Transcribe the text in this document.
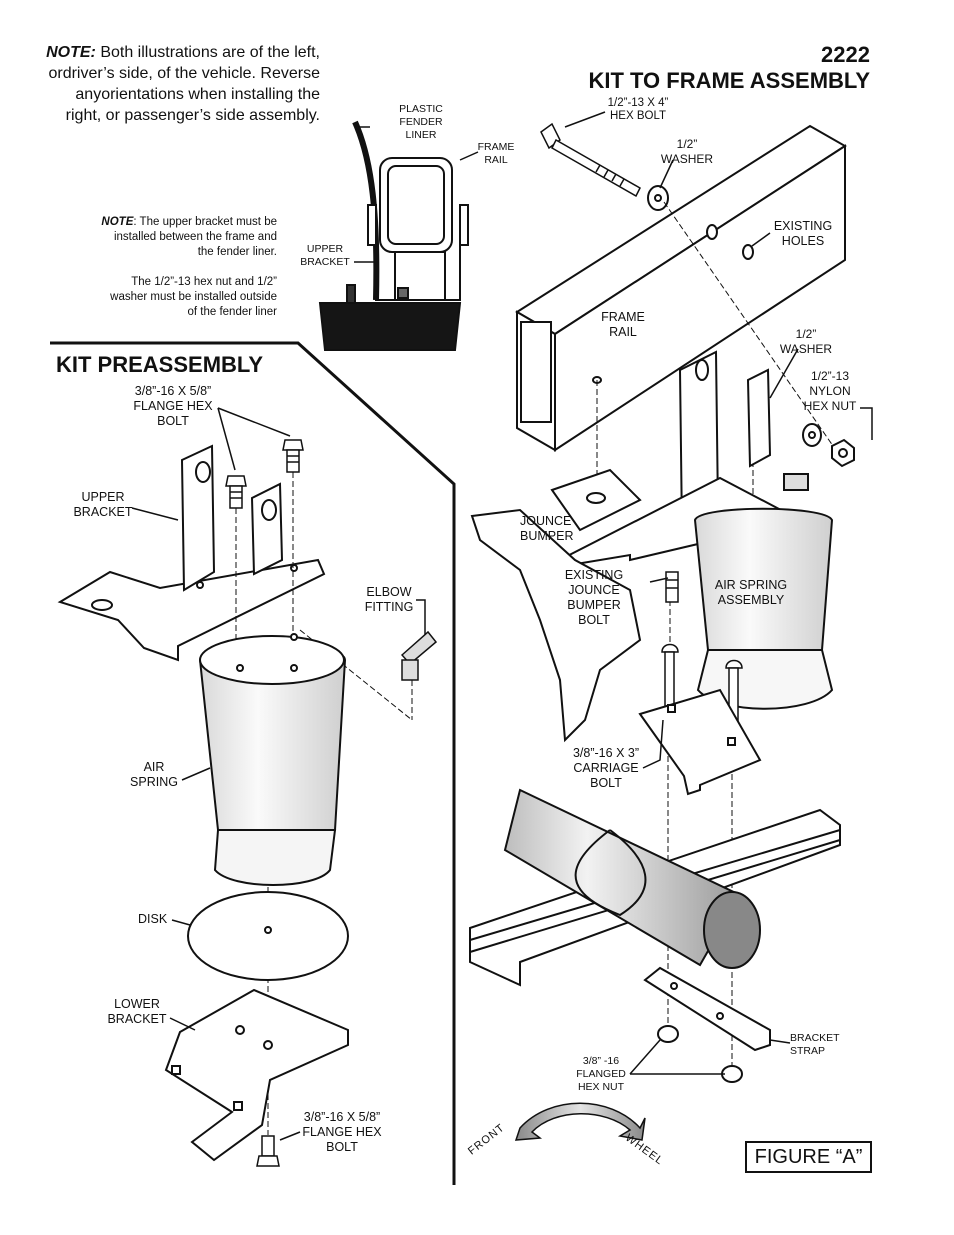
NOTE: Both illustrations are of the left, ordriver’s side, of the vehicle. Reverse anyorientations when installing the right, or passenger’s side assembly.
2222
KIT TO FRAME ASSEMBLY
NOTE: The upper bracket must be installed between the frame and the fender liner.
The 1/2”-13 hex nut and 1/2” washer must be installed outside of the fender liner
PLASTIC FENDER LINER
FRAME RAIL
UPPER BRACKET
KIT PREASSEMBLY
3/8”-16 X 5/8” FLANGE HEX BOLT
UPPER BRACKET
ELBOW FITTING
AIR SPRING
DISK
LOWER BRACKET
3/8”-16 X 5/8” FLANGE HEX BOLT
1/2”-13 X 4” HEX BOLT
1/2” WASHER
EXISTING HOLES
FRAME RAIL	1/2” WASHER
1/2”-13 NYLON HEX NUT
JOUNCE BUMPER
EXISTING JOUNCE BUMPER BOLT
AIR SPRING ASSEMBLY
3/8”-16 X 3” CARRIAGE BOLT
BRACKET STRAP
3/8” -16 FLANGED HEX NUT
FRONT	WHEEL	FIGURE “A”
